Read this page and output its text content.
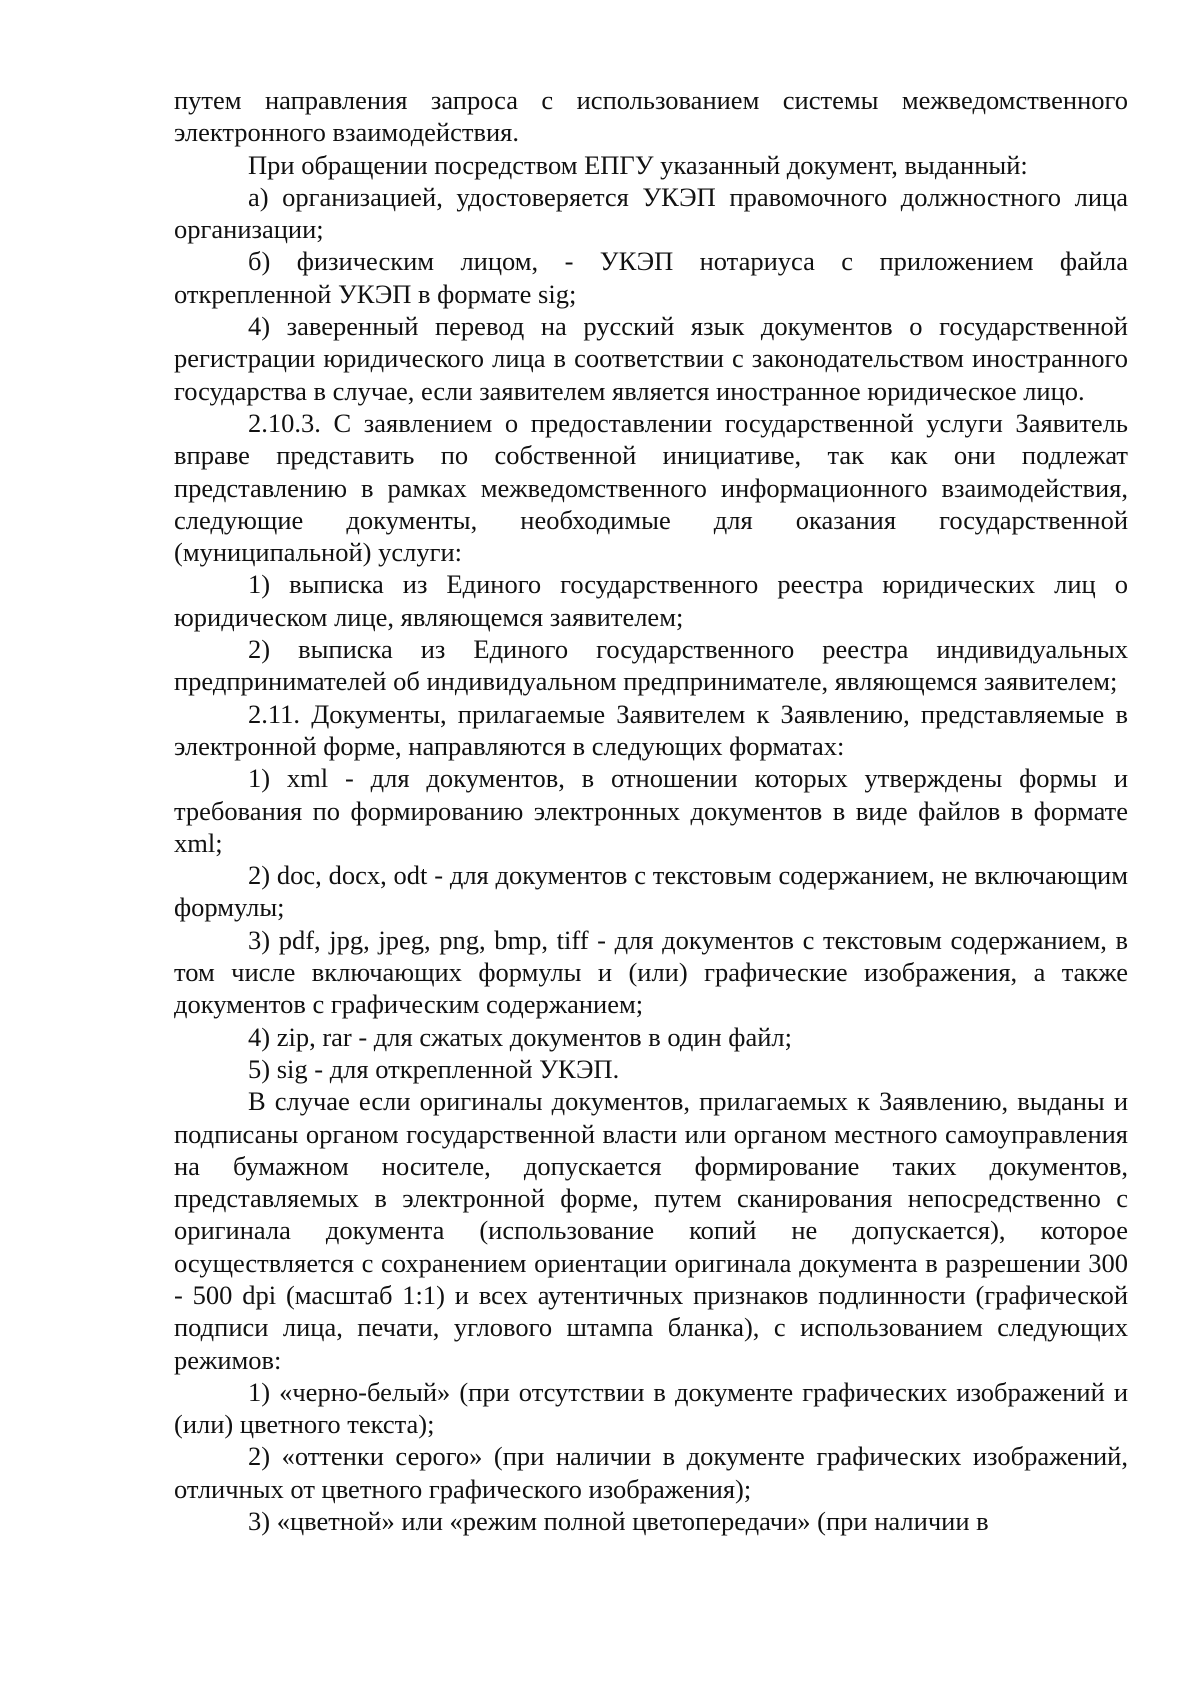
путем направления запроса с использованием системы межведомственного электронного взаимодействия.

При обращении посредством ЕПГУ указанный документ, выданный:

а) организацией, удостоверяется УКЭП правомочного должностного лица организации;

б) физическим лицом, - УКЭП нотариуса с приложением файла открепленной УКЭП в формате sig;

4) заверенный перевод на русский язык документов о государственной регистрации юридического лица в соответствии с законодательством иностранного государства в случае, если заявителем является иностранное юридическое лицо.

2.10.3. С заявлением о предоставлении государственной услуги Заявитель вправе представить по собственной инициативе, так как они подлежат представлению в рамках межведомственного информационного взаимодействия, следующие документы, необходимые для оказания государственной (муниципальной) услуги:

1) выписка из Единого государственного реестра юридических лиц о юридическом лице, являющемся заявителем;

2) выписка из Единого государственного реестра индивидуальных предпринимателей об индивидуальном предпринимателе, являющемся заявителем;

2.11. Документы, прилагаемые Заявителем к Заявлению, представляемые в электронной форме, направляются в следующих форматах:

1) xml - для документов, в отношении которых утверждены формы и требования по формированию электронных документов в виде файлов в формате xml;

2) doc, docx, odt - для документов с текстовым содержанием, не включающим формулы;

3) pdf, jpg, jpeg, png, bmp, tiff - для документов с текстовым содержанием, в том числе включающих формулы и (или) графические изображения, а также документов с графическим содержанием;

4) zip, rar - для сжатых документов в один файл;

5) sig - для открепленной УКЭП.

В случае если оригиналы документов, прилагаемых к Заявлению, выданы и подписаны органом государственной власти или органом местного самоуправления на бумажном носителе, допускается формирование таких документов, представляемых в электронной форме, путем сканирования непосредственно с оригинала документа (использование копий не допускается), которое осуществляется с сохранением ориентации оригинала документа в разрешении 300 - 500 dpi (масштаб 1:1) и всех аутентичных признаков подлинности (графической подписи лица, печати, углового штампа бланка), с использованием следующих режимов:

1) «черно-белый» (при отсутствии в документе графических изображений и (или) цветного текста);

2) «оттенки серого» (при наличии в документе графических изображений, отличных от цветного графического изображения);

3) «цветной» или «режим полной цветопередачи» (при наличии в
